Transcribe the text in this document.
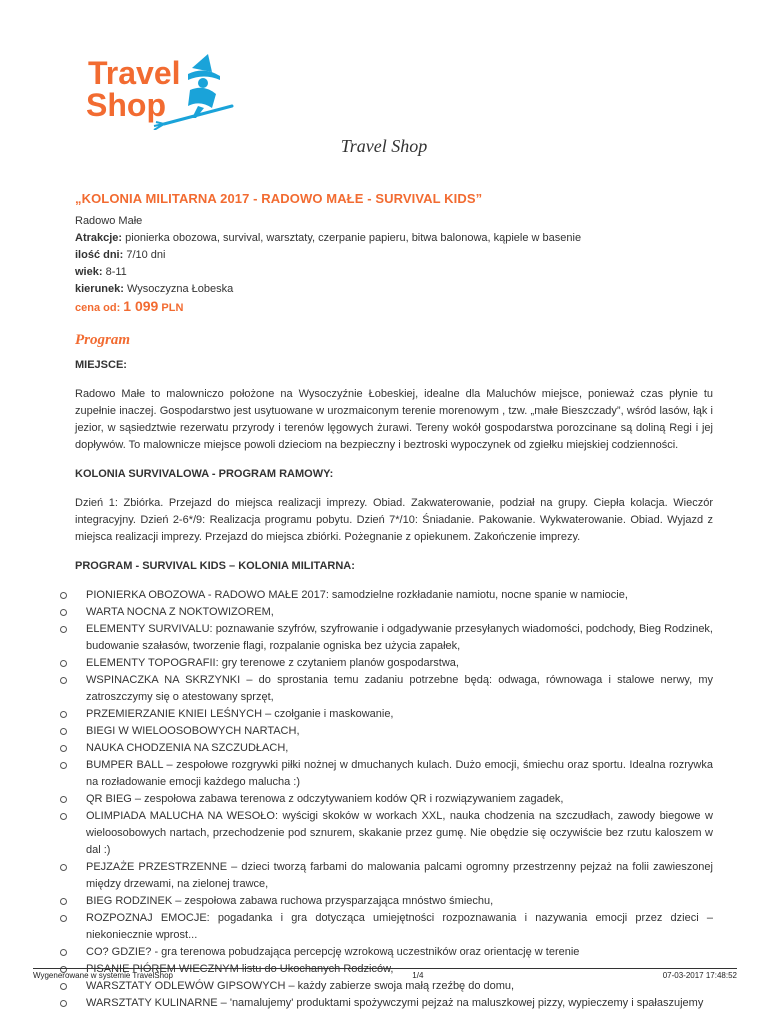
Travel
Shop
Travel Shop
„KOLONIA MILITARNA 2017 - RADOWO MAŁE - SURVIVAL KIDS”

Radowo Małe

Atrakcje: pionierka obozowa, survival, warsztaty, czerpanie papieru, bitwa balonowa, kąpiele w basenie

ilość dni: 7/10 dni

wiek: 8-11

kierunek: Wysoczyzna Łobeska

cena od: 1 099 PLN

Program
MIEJSCE:

Radowo Małe to malowniczo położone na Wysoczyźnie Łobeskiej, idealne dla Maluchów miejsce, ponieważ czas płynie tu zupełnie inaczej. Gospodarstwo jest usytuowane w urozmaiconym terenie morenowym , tzw. „małe Bieszczady”, wśród lasów, łąk i jezior, w sąsiedztwie rezerwatu przyrody i terenów lęgowych żurawi. Tereny wokół gospodarstwa porozcinane są doliną Regi i jej dopływów. To malownicze miejsce powoli dzieciom na bezpieczny i beztroski wypoczynek od zgiełku miejskiej codzienności.

KOLONIA SURVIVALOWA - PROGRAM RAMOWY:

Dzień 1: Zbiórka. Przejazd do miejsca realizacji imprezy. Obiad. Zakwaterowanie, podział na grupy. Ciepła kolacja. Wieczór integracyjny. Dzień 2-6*/9: Realizacja programu pobytu. Dzień 7*/10: Śniadanie. Pakowanie. Wykwaterowanie. Obiad. Wyjazd z miejsca realizacji imprezy. Przejazd do miejsca zbiórki. Pożegnanie z opiekunem. Zakończenie imprezy.

PROGRAM - SURVIVAL KIDS – KOLONIA MILITARNA:
PIONIERKA OBOZOWA - RADOWO MAŁE 2017: samodzielne rozkładanie namiotu, nocne spanie w namiocie,
WARTA NOCNA Z NOKTOWIZOREM,
ELEMENTY SURVIVALU: poznawanie szyfrów, szyfrowanie i odgadywanie przesyłanych wiadomości, podchody, Bieg Rodzinek, budowanie szałasów, tworzenie flagi, rozpalanie ogniska bez użycia zapałek,
ELEMENTY TOPOGRAFII: gry terenowe z czytaniem planów gospodarstwa,
WSPINACZKA NA SKRZYNKI – do sprostania temu zadaniu potrzebne będą: odwaga, równowaga i stalowe nerwy, my zatroszczymy się o atestowany sprzęt,
PRZEMIERZANIE KNIEI LEŚNYCH – czołganie i maskowanie,
BIEGI W WIELOOSOBOWYCH NARTACH,
NAUKA CHODZENIA NA SZCZUDŁACH,
BUMPER BALL – zespołowe rozgrywki piłki nożnej w dmuchanych kulach. Dużo emocji, śmiechu oraz sportu. Idealna rozrywka na rozładowanie emocji każdego malucha :)
QR BIEG – zespołowa zabawa terenowa z odczytywaniem kodów QR i rozwiązywaniem zagadek,
OLIMPIADA MALUCHA NA WESOŁO: wyścigi skoków w workach XXL, nauka chodzenia na szczudłach, zawody biegowe w wieloosobowych nartach, przechodzenie pod sznurem, skakanie przez gumę. Nie obędzie się oczywiście bez rzutu kaloszem w dal :)
PEJZAŻE PRZESTRZENNE – dzieci tworzą farbami do malowania palcami ogromny przestrzenny pejzaż na folii zawieszonej między drzewami, na zielonej trawce,
BIEG RODZINEK – zespołowa zabawa ruchowa przysparzająca mnóstwo śmiechu,
ROZPOZNAJ EMOCJE: pogadanka i gra dotycząca umiejętności rozpoznawania i nazywania emocji przez dzieci – niekoniecznie wprost...
CO? GDZIE? - gra terenowa pobudzająca percepcję wzrokową uczestników oraz orientację w terenie
PISANIE PIÓREM WIECZNYM listu do Ukochanych Rodziców,
WARSZTATY ODLEWÓW GIPSOWYCH – każdy zabierze swoja małą rzeźbę do domu,
WARSZTATY KULINARNE – 'namalujemy' produktami spożywczymi pejzaż na maluszkowej pizzy, wypieczemy i spałaszujemy
Wygenerowane w systemie TravelShop	1/4	07-03-2017 17:48:52
